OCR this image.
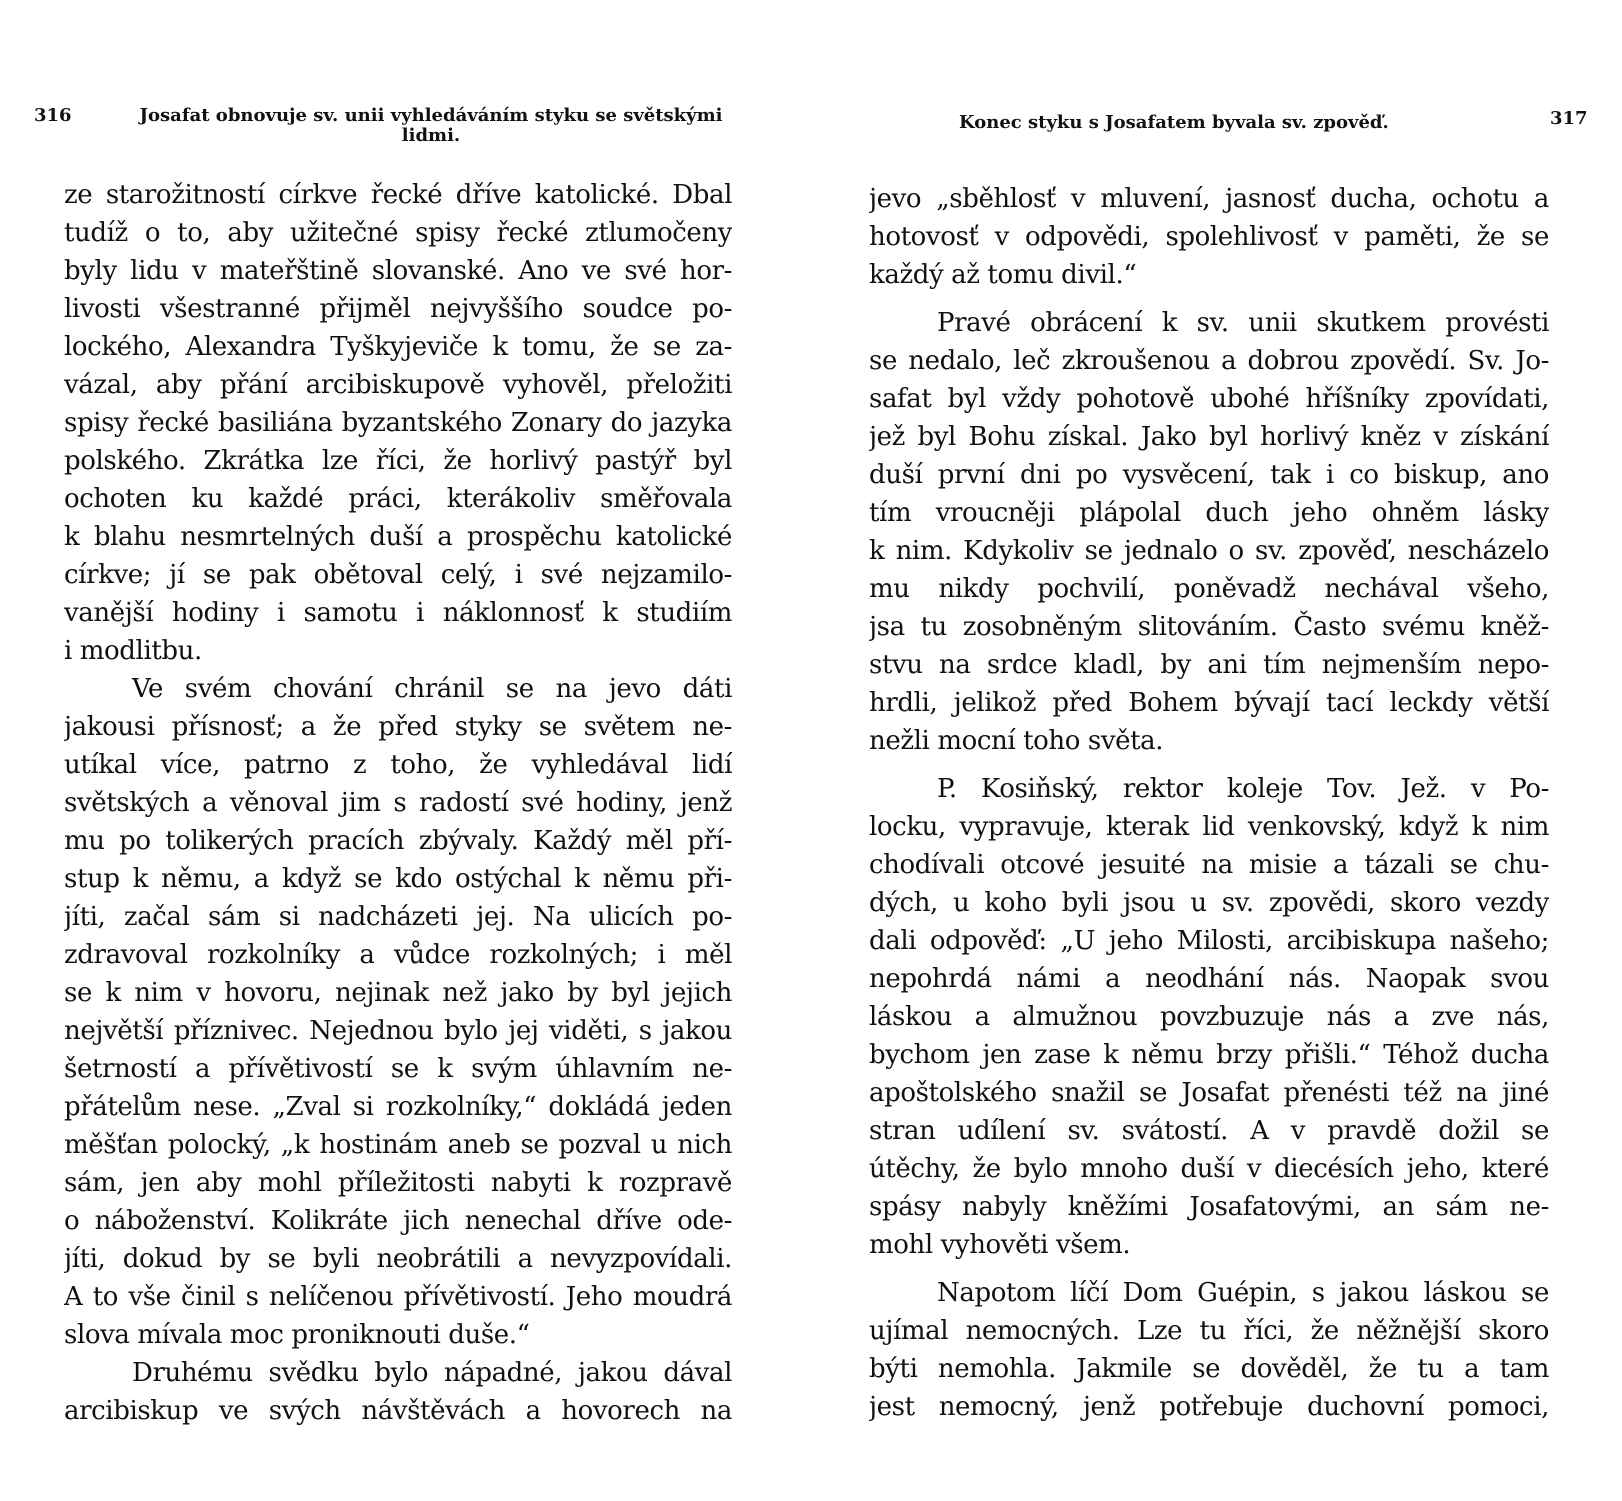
316	Josafat obnovuje sv. unii vyhledáváním styku se světskými lidmi.
ze starožitností církve řecké dříve katolické. Dbal
tudíž o to, aby užitečné spisy řecké ztlumočeny
byly lidu v mateřštině slovanské. Ano ve své hor-
livosti všestranné přijměl nejvyššího soudce po-
lockého, Alexandra Tyškyjeviče k tomu, že se za-
vázal, aby přání arcibiskupově vyhověl, přeložiti
spisy řecké basiliána byzantského Zonary do jazyka
polského. Zkrátka lze říci, že horlivý pastýř byl
ochoten ku každé práci, kterákoliv směřovala
k blahu nesmrtelných duší a prospěchu katolické
církve; jí se pak obětoval celý, i své nejzamilo-
vanější hodiny i samotu i náklonnosť k studiím
i modlitbu.
Ve svém chování chránil se na jevo dáti
jakousi přísnosť; a že před styky se světem ne-
utíkal více, patrno z toho, že vyhledával lidí
světských a věnoval jim s radostí své hodiny, jenž
mu po tolikerých pracích zbývaly. Každý měl pří-
stup k němu, a když se kdo ostýchal k němu při-
jíti, začal sám si nadcházeti jej. Na ulicích po-
zdravoval rozkolníky a vůdce rozkolných; i měl
se k nim v hovoru, nejinak než jako by byl jejich
největší příznivec. Nejednou bylo jej viděti, s jakou
šetrností a přívětivostí se k svým úhlavním ne-
přátelům nese. „Zval si rozkolníky,“ dokládá jeden
měšťan polocký, „k hostinám aneb se pozval u nich
sám, jen aby mohl příležitosti nabyti k rozpravě
o náboženství. Kolikráte jich nenechal dříve ode-
jíti, dokud by se byli neobrátili a nevyzpovídali.
A to vše činil s nelíčenou přívětivostí. Jeho moudrá
slova mívala moc proniknouti duše.“
Druhému svědku bylo nápadné, jakou dával
arcibiskup ve svých návštěvách a hovorech na
Konec styku s Josafatem byvala sv. zpověď.	317
jevo „sběhlosť v mluvení, jasnosť ducha, ochotu a
hotovosť v odpovědi, spolehlivosť v paměti, že se
každý až tomu divil.“
Pravé obrácení k sv. unii skutkem provésti
se nedalo, leč zkroušenou a dobrou zpovědí. Sv. Jo-
safat byl vždy pohotově ubohé hříšníky zpovídati,
jež byl Bohu získal. Jako byl horlivý kněz v získání
duší první dni po vysvěcení, tak i co biskup, ano
tím vroucněji plápolal duch jeho ohněm lásky
k nim. Kdykoliv se jednalo o sv. zpověď, nescházelo
mu nikdy pochvilí, poněvadž nechával všeho,
jsa tu zosobněným slitováním. Často svému kněž-
stvu na srdce kladl, by ani tím nejmenším nepo-
hrdli, jelikož před Bohem bývají tací leckdy větší
nežli mocní toho světa.
P. Kosiňský, rektor koleje Tov. Jež. v Po-
locku, vypravuje, kterak lid venkovský, když k nim
chodívali otcové jesuité na misie a tázali se chu-
dých, u koho byli jsou u sv. zpovědi, skoro vezdy
dali odpověď: „U jeho Milosti, arcibiskupa našeho;
nepohrdá námi a neodhání nás. Naopak svou
láskou a almužnou povzbuzuje nás a zve nás,
bychom jen zase k němu brzy přišli.“ Téhož ducha
apoštolského snažil se Josafat přenésti též na jiné
stran udílení sv. svátostí. A v pravdě dožil se
útěchy, že bylo mnoho duší v diecésích jeho, které
spásy nabyly kněžími Josafatovými, an sám ne-
mohl vyhověti všem.
Napotom líčí Dom Guépin, s jakou láskou se
ujímal nemocných. Lze tu říci, že něžnější skoro
býti nemohla. Jakmile se dověděl, že tu a tam
jest nemocný, jenž potřebuje duchovní pomoci,
